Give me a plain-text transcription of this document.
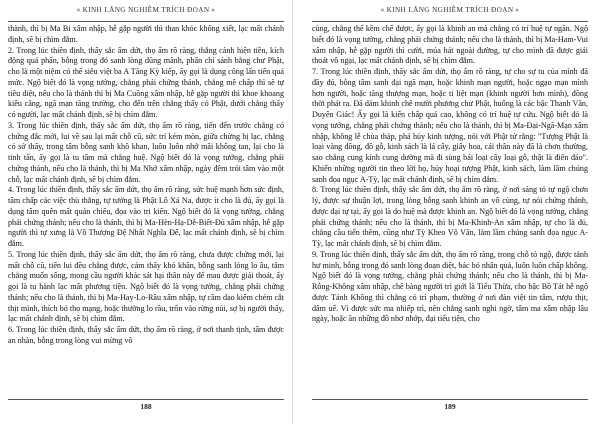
« KINH LĂNG NGHIÊM TRÍCH ĐOẠN »

thành, thì bị Ma Bi xâm nhập, hễ gặp người thì than khóc không xiết, lạc mất chánh định, sẽ bị chìm đắm.

2. Trong lúc thiền định, thấy sắc ấm dứt, thọ ấm rõ ràng, thắng cảnh hiện tiền, kích động quá phấn, bỗng trong đó sanh lòng dũng mãnh, phấn chí sánh bằng chư Phật, cho là một niệm có thể siêu việt ba A Tăng Kỳ kiếp, ấy gọi là dụng công lấn tiến quá mức. Ngộ biết đó là vọng tưởng, chẳng phải chứng thánh, chẳng mê chấp thì sẽ tự tiêu diệt, nếu cho là thánh thì bị Ma Cuồng xâm nhập, hễ gặp người thì khoe khoang kiêu căng, ngã mạn tăng trưởng, cho đến trên chẳng thấy có Phật, dưới chẳng thấy có người, lạc mất chánh định, sẽ bị chìm đắm.

3. Trong lúc thiền định, thấy sắc ấm dứt, thọ ấm rõ ràng, tiến đến trước chẳng có chứng đắc mới, lui về sau lại mất chỗ cũ, sức trí kém mòn, giữa chừng bị lạc, chẳng có sở thấy, trong tâm bỗng sanh khô khan, luôn luôn nhớ mãi không tan, lại cho là tinh tấn, ấy gọi là tu tâm mà chẳng huệ. Ngộ biết đó là vọng tưởng, chẳng phải chứng thánh, nếu cho là thánh, thì bị Ma Nhớ xâm nhập, ngày đêm trói tâm vào một chỗ, lạc mất chánh định, sẽ bị chìm đắm.

4. Trong lúc thiền định, thấy sắc ấm dứt, thọ ấm rõ ràng, sức huệ mạnh hơn sức định, tâm chấp các việc thù thắng, tự tưởng là Phật Lô Xá Na, được ít cho là đủ, ấy gọi là dụng tâm quên mất quán chiếu, đọa vào tri kiến. Ngộ biết đó là vọng tưởng, chẳng phải chứng thánh; nếu cho là thánh, thì bị Ma-Hèn-Hạ-Dễ-Biết-Đủ xâm nhập, hễ gặp người thì tự xưng là Vô Thượng Đệ Nhất Nghĩa Đế, lạc mất chánh định, sẽ bị chìm đắm.

5. Trong lúc thiền định, thấy sắc ấm dứt, thọ ấm rõ ràng, chưa được chứng mới, lại mất chỗ cũ, tiến lui đều chẳng được, cảm thấy khó khăn, bỗng sanh lòng lo âu, tâm chẳng muốn sống, mong cầu người khác sát hại thân này để mau được giải thoát, ấy gọi là tu hành lạc mất phương tiện. Ngộ biết đó là vọng tưởng, chẳng phải chứng thánh; nếu cho là thánh, thì bị Ma-Hay-Lo-Rầu xâm nhập, tự cầm dao kiếm chém cắt thịt mình, thích bỏ thọ mạng, hoặc thường lo rầu, trốn vào rừng núi, sợ bị người thấy, lạc mất chánh định, sẽ bị chìm đắm.

6. Trong lúc thiền định, thấy sắc ấm dứt, thọ ấm rõ ràng, ở nơi thanh tịnh, tâm được an nhàn, bỗng trong lòng vui mừng vô

188
« KINH LĂNG NGHIÊM TRÍCH ĐOẠN »

cùng, chẳng thể kềm chế được, ấy gọi là khinh an mà chẳng có trí huệ tự ngăn. Ngộ biết đó là vọng tưởng, chẳng phải chứng thánh; nếu cho là thánh, thì bị Ma-Ham-Vui xâm nhập, hễ gặp người thì cười, múa hát ngoài đường, tự cho mình đã được giải thoát vô ngại, lạc mất chánh định, sẽ bị chìm đắm.

7. Trong lúc thiền định, thấy sắc ấm dứt, thọ ấm rõ ràng, tự cho sự tu của mình đã đầy đủ, bỗng tâm sanh đại ngã mạn, hoặc khinh mạn người, hoặc ngạo mạn mình hơn người, hoặc tăng thượng mạn, hoặc ti liệt mạn (khinh người hơn mình), đồng thời phát ra. Đã dám khinh chê mười phương chư Phật, huống là các bậc Thanh Văn, Duyên Giác! Ấy gọi là kiến chấp quá cao, không có trí huệ tự cứu. Ngộ biết đó là vọng tưởng, chẳng phải chứng thánh; nếu cho là thánh, thì bị Ma-Đại-Ngã-Mạn xâm nhập, không lễ chùa tháp, phá hủy kinh tượng, nói với Phật tử rằng: "Tượng Phật là loại vàng đồng, đồ gỗ, kinh sách là lá cây, giấy hoa, cái thân này đã là chơn thường, sao chẳng cung kính cung dường mà đi sùng bái loại cây loại gỗ, thật là điên đảo". Khiến những người tin theo lời họ, hủy hoại tượng Phật, kinh sách, làm lầm chúng sanh đọa ngục A-Tỳ, lạc mất chánh định, sẽ bị chìm đắm.

8. Trong lúc thiền định, thấy sắc ấm dứt, thọ ấm rõ ràng, ở nơi sáng tỏ tự ngộ chơn lý, được sự thuận lợi, trong lòng bỗng sanh khinh an vô cùng, tự nói chứng thánh, được đại tự tại, ấy gọi là do huệ mà được khinh an. Ngộ biết đó là vọng tưởng, chẳng phải chứng thánh; nếu cho là thánh, thì bị Ma-Khinh-An xâm nhập, tự cho là đủ, chẳng cầu tiến thêm, cũng như Tỳ Kheo Vô Văn, làm lầm chúng sanh đọa ngục A-Tỳ, lạc mất chánh định, sẽ bị chìm đắm.

9. Trong lúc thiền định, thấy sắc ấm dứt, thọ ấm rõ ràng, trong chỗ tỏ ngộ, được tánh hư minh, bỗng trong đó sanh lòng đoạn diệt, bác bỏ nhân quả, luôn luôn chấp không. Ngộ biết đó là vọng tưởng, chẳng phải chứng thánh; nếu cho là thánh, thì bị Ma-Rỗng-Không xâm nhập, chê bàng người trì giới là Tiểu Thừa, cho bậc Bồ Tát hễ ngộ được Tánh Không thì chẳng có trì phạm, thường ở nơi đàn việt tin tâm, rượu thịt, dâm uế. Vì được sức ma nhiếp trì, nên chẳng sanh nghi ngờ, tâm ma xâm nhập lâu ngày, hoặc ăn những đồ nhơ nhớp, đại tiểu tiện, cho

189
